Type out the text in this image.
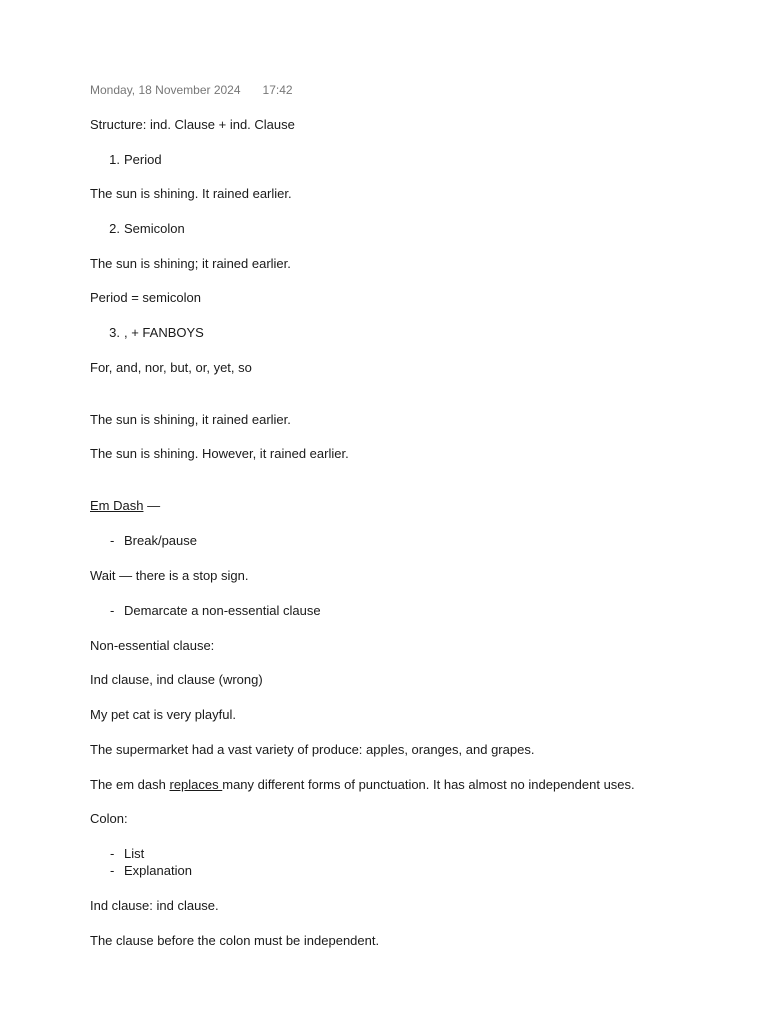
Monday, 18 November 2024 17:42
Structure: ind. Clause + ind. Clause
1. Period
The sun is shining. It rained earlier.
2. Semicolon
The sun is shining; it rained earlier.
Period = semicolon
3. , + FANBOYS
For, and, nor, but, or, yet, so
The sun is shining, it rained earlier.
The sun is shining. However, it rained earlier.
Em Dash —
- Break/pause
Wait — there is a stop sign.
- Demarcate a non-essential clause
Non-essential clause:
Ind clause, ind clause (wrong)
My pet cat is very playful.
The supermarket had a vast variety of produce: apples, oranges, and grapes.
The em dash replaces many different forms of punctuation. It has almost no independent uses.
Colon:
- List
- Explanation
Ind clause: ind clause.
The clause before the colon must be independent.
